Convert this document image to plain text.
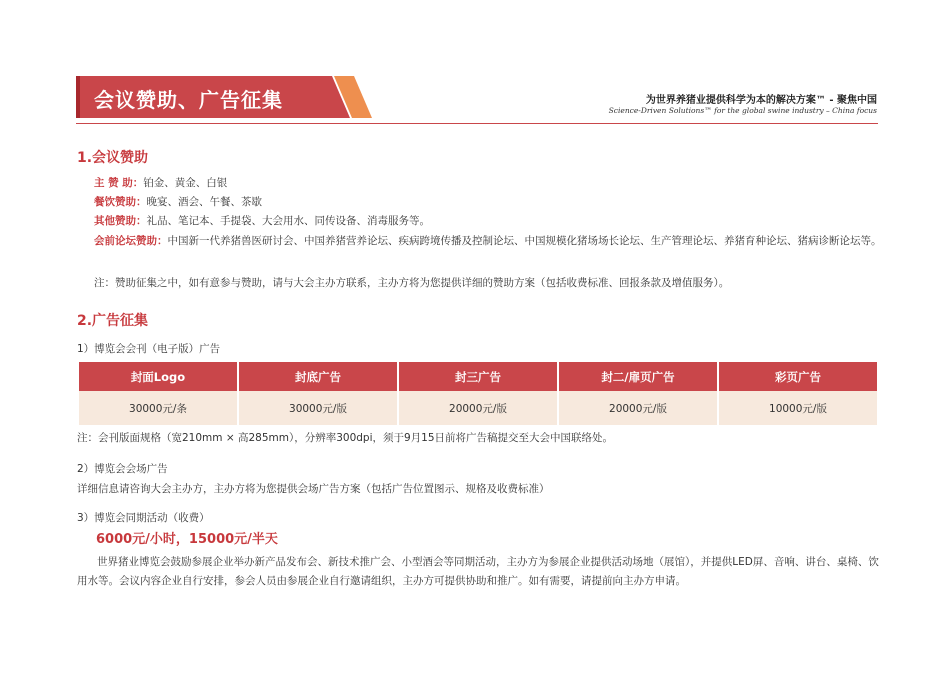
会议赞助、广告征集	为世界养猪业提供科学为本的解决方案™ - 聚焦中国
Science-Driven Solutions™ for the global swine industry – China focus
1.会议赞助
主 赞 助：铂金、黄金、白银
餐饮赞助：晚宴、酒会、午餐、茶歇
其他赞助：礼品、笔记本、手提袋、大会用水、同传设备、消毒服务等。
会前论坛赞助：中国新一代养猪兽医研讨会、中国养猪营养论坛、疾病跨境传播及控制论坛、中国规模化猪场场长论坛、生产管理论坛、养猪育种论坛、猪病诊断论坛等。
注：赞助征集之中，如有意参与赞助，请与大会主办方联系，主办方将为您提供详细的赞助方案（包括收费标准、回报条款及增值服务）。
2.广告征集
1）博览会会刊（电子版）广告
封面Logo	封底广告	封三广告	封二/扉页广告	彩页广告
30000元/条	30000元/版	20000元/版	20000元/版	10000元/版
注：会刊版面规格（宽210mm × 高285mm），分辨率300dpi，须于9月15日前将广告稿提交至大会中国联络处。
2）博览会会场广告
详细信息请咨询大会主办方，主办方将为您提供会场广告方案（包括广告位置图示、规格及收费标准）
3）博览会同期活动（收费）
6000元/小时，15000元/半天
世界猪业博览会鼓励参展企业举办新产品发布会、新技术推广会、小型酒会等同期活动，主办方为参展企业提供活动场地（展馆），并提供LED屏、音响、讲台、桌椅、饮用水等。会议内容企业自行安排，参会人员由参展企业自行邀请组织，主办方可提供协助和推广。如有需要，请提前向主办方申请。
